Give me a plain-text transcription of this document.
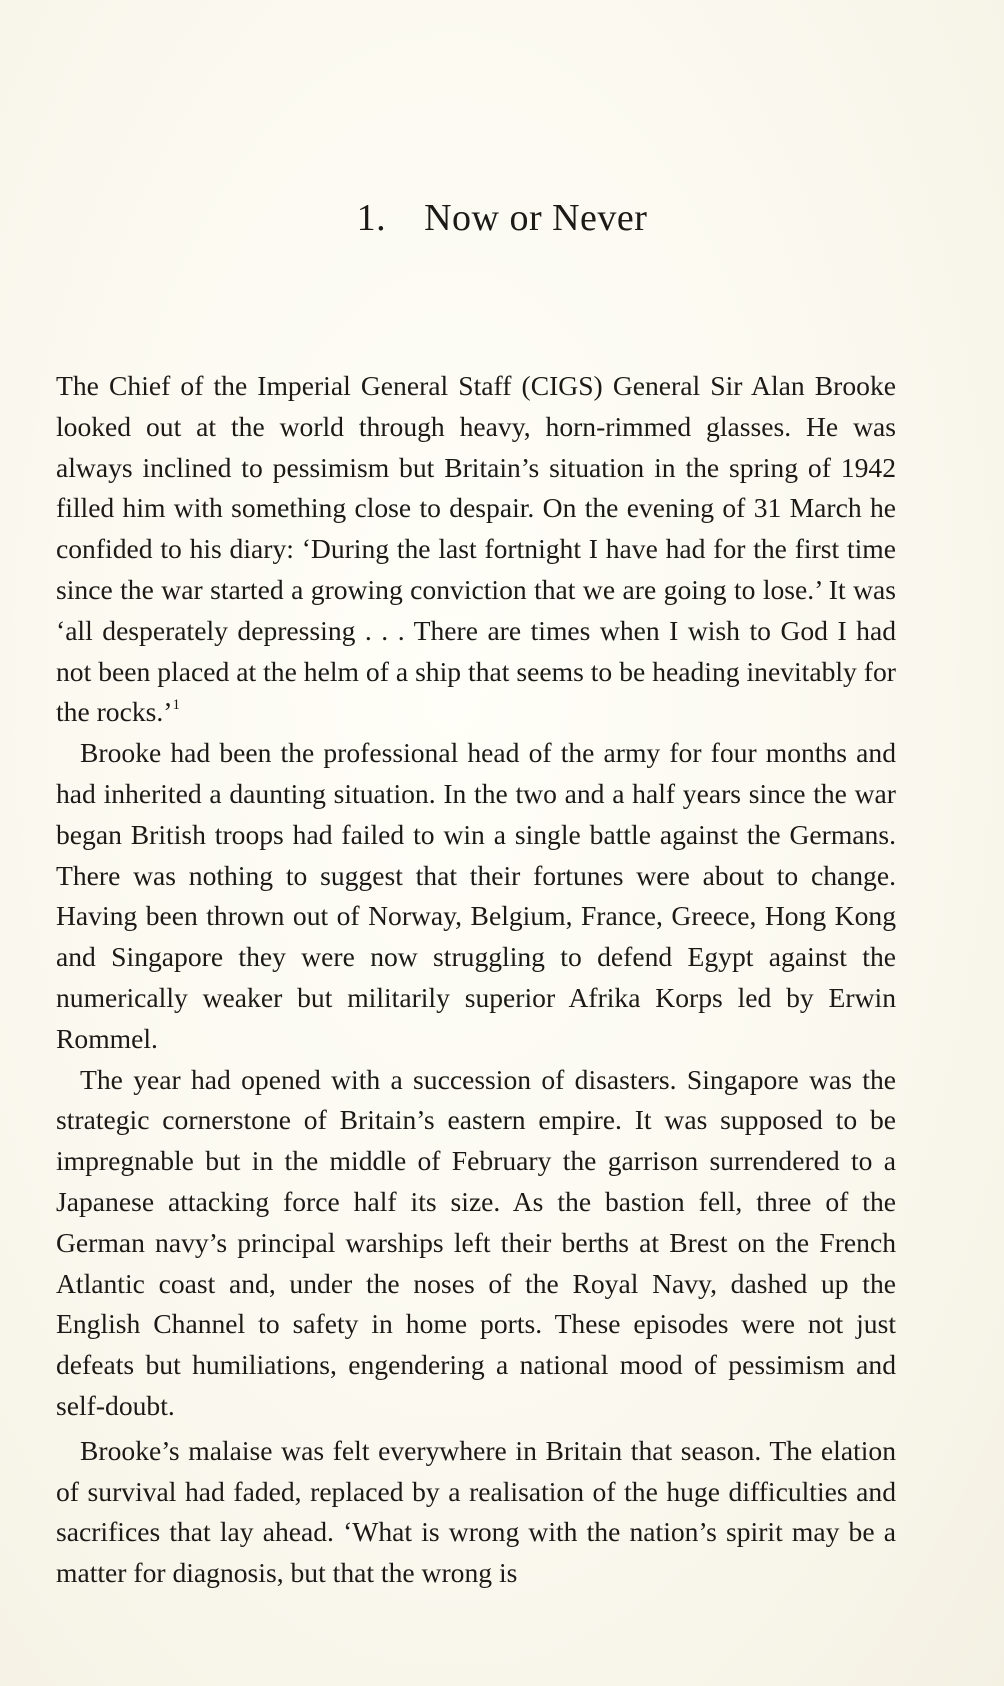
1. Now or Never

The Chief of the Imperial General Staff (CIGS) General Sir Alan Brooke looked out at the world through heavy, horn-rimmed glasses. He was always inclined to pessimism but Britain’s situation in the spring of 1942 filled him with something close to despair. On the evening of 31 March he confided to his diary: ‘During the last fortnight I have had for the first time since the war started a growing conviction that we are going to lose.’ It was ‘all desperately depressing . . . There are times when I wish to God I had not been placed at the helm of a ship that seems to be heading inevitably for the rocks.’$^1$

Brooke had been the professional head of the army for four months and had inherited a daunting situation. In the two and a half years since the war began British troops had failed to win a single battle against the Germans. There was nothing to suggest that their fortunes were about to change. Having been thrown out of Norway, Belgium, France, Greece, Hong Kong and Singapore they were now struggling to defend Egypt against the numerically weaker but militarily superior Afrika Korps led by Erwin Rommel.

The year had opened with a succession of disasters. Singapore was the strategic cornerstone of Britain’s eastern empire. It was supposed to be impregnable but in the middle of February the garrison surrendered to a Japanese attacking force half its size. As the bastion fell, three of the German navy’s principal warships left their berths at Brest on the French Atlantic coast and, under the noses of the Royal Navy, dashed up the English Channel to safety in home ports. These episodes were not just defeats but humiliations, engendering a national mood of pessimism and self-doubt.

Brooke’s malaise was felt everywhere in Britain that season. The elation of survival had faded, replaced by a realisation of the huge difficulties and sacrifices that lay ahead. ‘What is wrong with the nation’s spirit may be a matter for diagnosis, but that the wrong is
